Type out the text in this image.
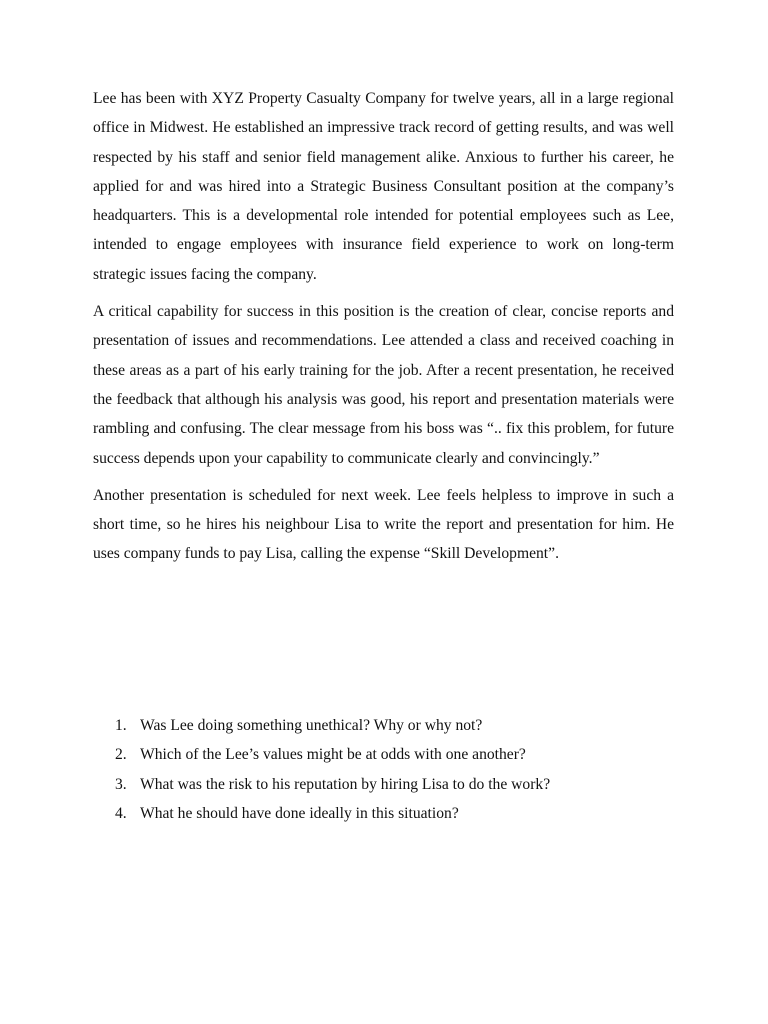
Lee has been with XYZ Property Casualty Company for twelve years, all in a large regional office in Midwest. He established an impressive track record of getting results, and was well respected by his staff and senior field management alike. Anxious to further his career, he applied for and was hired into a Strategic Business Consultant position at the company’s headquarters. This is a developmental role intended for potential employees such as Lee, intended to engage employees with insurance field experience to work on long-term strategic issues facing the company.

A critical capability for success in this position is the creation of clear, concise reports and presentation of issues and recommendations. Lee attended a class and received coaching in these areas as a part of his early training for the job. After a recent presentation, he received the feedback that although his analysis was good, his report and presentation materials were rambling and confusing. The clear message from his boss was “.. fix this problem, for future success depends upon your capability to communicate clearly and convincingly.”

Another presentation is scheduled for next week. Lee feels helpless to improve in such a short time, so he hires his neighbour Lisa to write the report and presentation for him. He uses company funds to pay Lisa, calling the expense “Skill Development”.

1. Was Lee doing something unethical? Why or why not?
2. Which of the Lee’s values might be at odds with one another?
3. What was the risk to his reputation by hiring Lisa to do the work?
4. What he should have done ideally in this situation?
